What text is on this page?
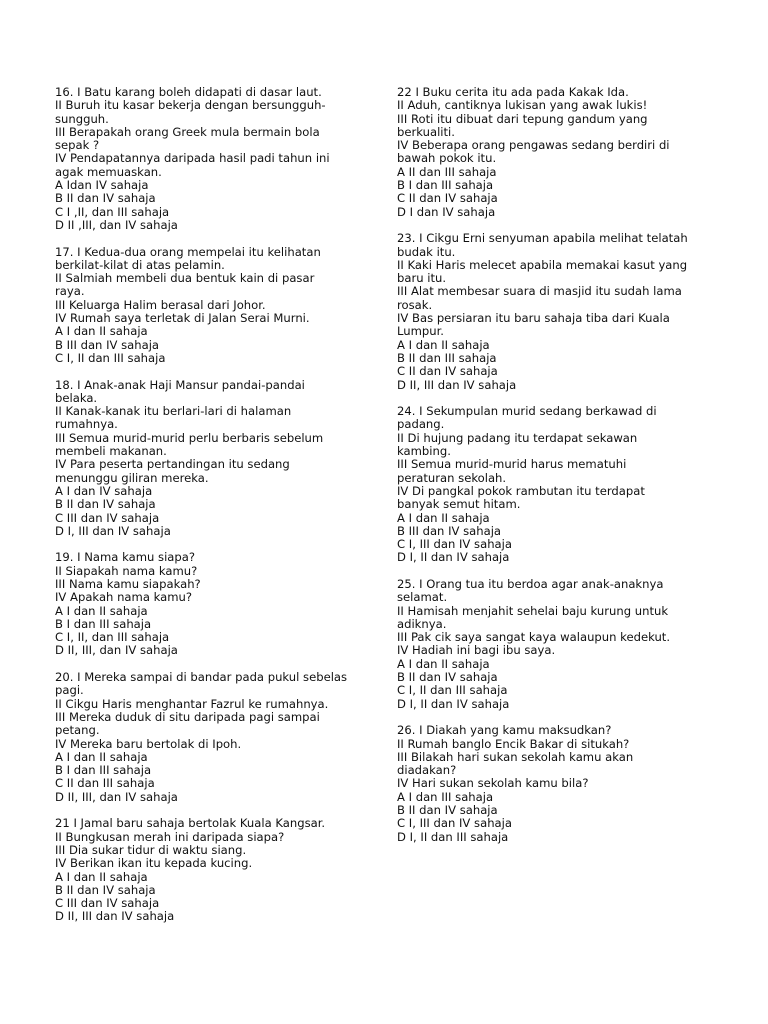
16. I Batu karang boleh didapati di dasar laut.
II Buruh itu kasar bekerja dengan bersungguh-
sungguh.
III Berapakah orang Greek mula bermain bola
sepak ?
IV Pendapatannya daripada hasil padi tahun ini
agak memuaskan.
A Idan IV sahaja
B II dan IV sahaja
C I ,II, dan III sahaja
D II ,III, dan IV sahaja
17. I Kedua-dua orang mempelai itu kelihatan
berkilat-kilat di atas pelamin.
II Salmiah membeli dua bentuk kain di pasar
raya.
III Keluarga Halim berasal dari Johor.
IV Rumah saya terletak di Jalan Serai Murni.
A I dan II sahaja
B III dan IV sahaja
C I, II dan III sahaja
18. I Anak-anak Haji Mansur pandai-pandai
belaka.
II Kanak-kanak itu berlari-lari di halaman
rumahnya.
III Semua murid-murid perlu berbaris sebelum
membeli makanan.
IV Para peserta pertandingan itu sedang
menunggu giliran mereka.
A I dan IV sahaja
B II dan IV sahaja
C III dan IV sahaja
D I, III dan IV sahaja
19. I Nama kamu siapa?
II Siapakah nama kamu?
III Nama kamu siapakah?
IV Apakah nama kamu?
A I dan II sahaja
B I dan III sahaja
C I, II, dan III sahaja
D II, III, dan IV sahaja
20. I Mereka sampai di bandar pada pukul sebelas
pagi.
II Cikgu Haris menghantar Fazrul ke rumahnya.
III Mereka duduk di situ daripada pagi sampai
petang.
IV Mereka baru bertolak di Ipoh.
A I dan II sahaja
B I dan III sahaja
C II dan III sahaja
D II, III, dan IV sahaja
21 I Jamal baru sahaja bertolak Kuala Kangsar.
II Bungkusan merah ini daripada siapa?
III Dia sukar tidur di waktu siang.
IV Berikan ikan itu kepada kucing.
A I dan II sahaja
B II dan IV sahaja
C III dan IV sahaja
D II, III dan IV sahaja
22 I Buku cerita itu ada pada Kakak Ida.
II Aduh, cantiknya lukisan yang awak lukis!
III Roti itu dibuat dari tepung gandum yang
berkualiti.
IV Beberapa orang pengawas sedang berdiri di
bawah pokok itu.
A II dan III sahaja
B I dan III sahaja
C II dan IV sahaja
D I dan IV sahaja
23. I Cikgu Erni senyuman apabila melihat telatah
budak itu.
II Kaki Haris melecet apabila memakai kasut yang
baru itu.
III Alat membesar suara di masjid itu sudah lama
rosak.
IV Bas persiaran itu baru sahaja tiba dari Kuala
Lumpur.
A I dan II sahaja
B II dan III sahaja
C II dan IV sahaja
D II, III dan IV sahaja
24. I Sekumpulan murid sedang berkawad di
padang.
II Di hujung padang itu terdapat sekawan
kambing.
III Semua murid-murid harus mematuhi
peraturan sekolah.
IV Di pangkal pokok rambutan itu terdapat
banyak semut hitam.
A I dan II sahaja
B III dan IV sahaja
C I, III dan IV sahaja
D I, II dan IV sahaja
25. I Orang tua itu berdoa agar anak-anaknya
selamat.
II Hamisah menjahit sehelai baju kurung untuk
adiknya.
III Pak cik saya sangat kaya walaupun kedekut.
IV Hadiah ini bagi ibu saya.
A I dan II sahaja
B II dan IV sahaja
C I, II dan III sahaja
D I, II dan IV sahaja
26. I Diakah yang kamu maksudkan?
II Rumah banglo Encik Bakar di situkah?
III Bilakah hari sukan sekolah kamu akan
diadakan?
IV Hari sukan sekolah kamu bila?
A I dan III sahaja
B II dan IV sahaja
C I, III dan IV sahaja
D I, II dan III sahaja
